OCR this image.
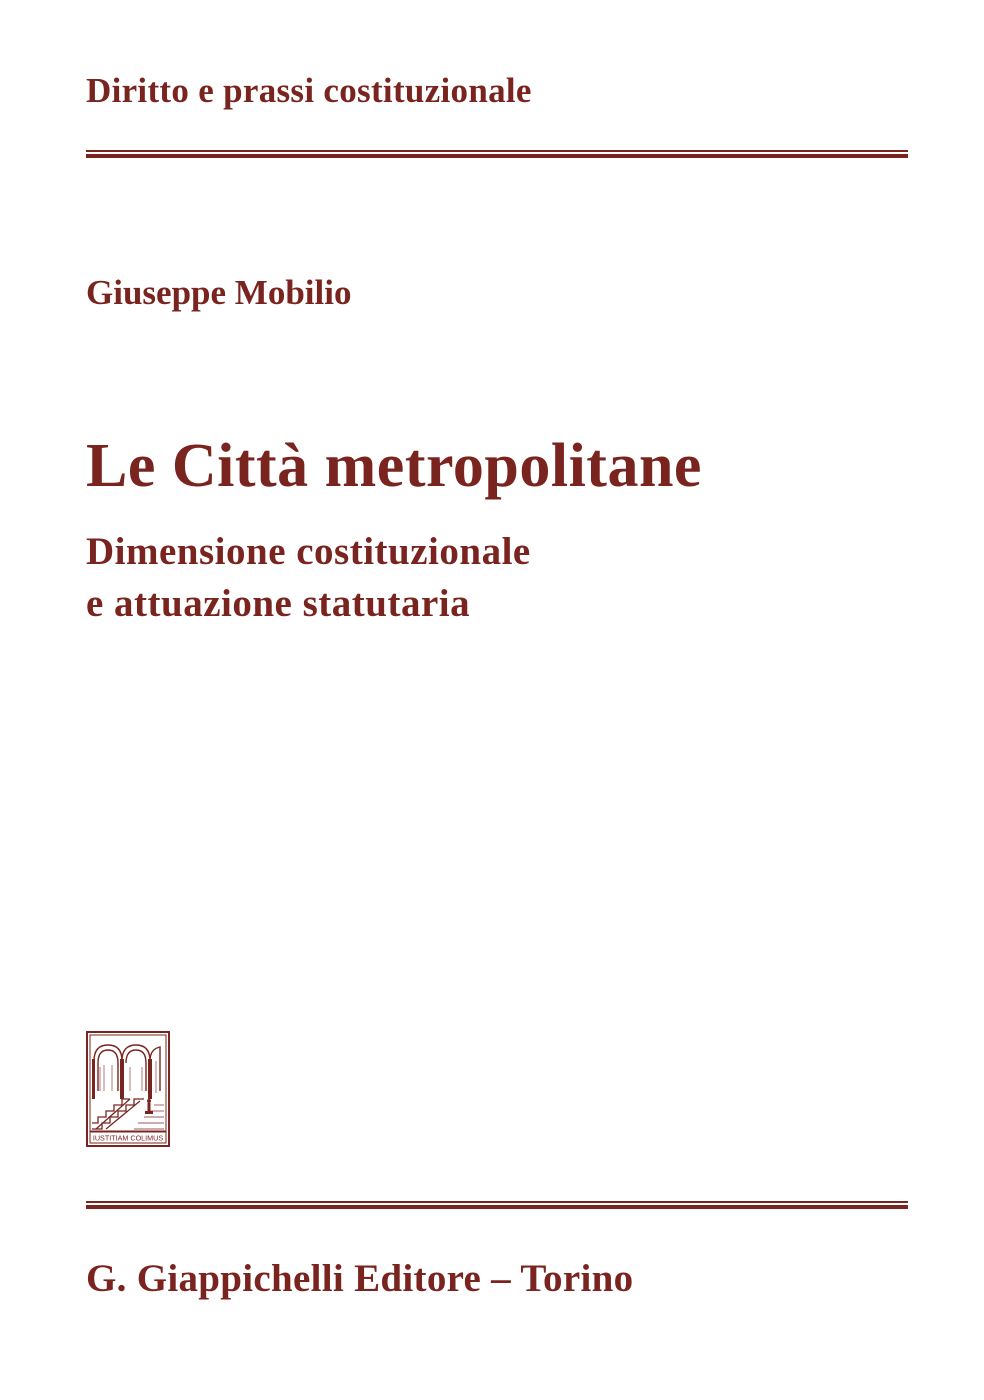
Diritto e prassi costituzionale

Giuseppe Mobilio

Le Città metropolitane
Dimensione costituzionale
e attuazione statutaria
IUSTITIAM COLIMUS

G. Giappichelli Editore – Torino
